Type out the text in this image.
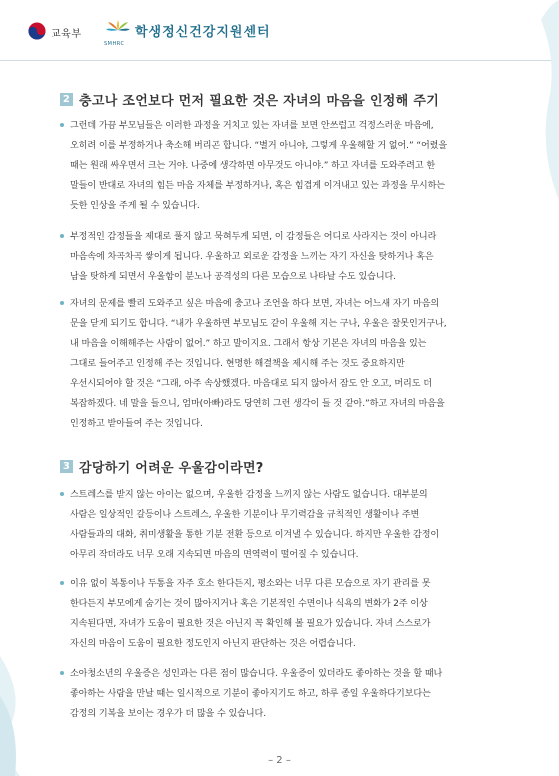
교육부	학생정신건강지원센터
SMHRC
2 충고나 조언보다 먼저 필요한 것은 자녀의 마음을 인정해 주기
그런데 가끔 부모님들은 이러한 과정을 거치고 있는 자녀를 보면 안쓰럽고 걱정스러운 마음에,
오히려 이를 부정하거나 축소해 버리곤 합니다. “별거 아니야, 그렇게 우울해할 거 없어.” “어렸을
때는 원래 싸우면서 크는 거야. 나중에 생각하면 아무것도 아니야.” 하고 자녀를 도와주려고 한
말들이 반대로 자녀의 힘든 마음 자체를 부정하거나, 혹은 힘겹게 이겨내고 있는 과정을 무시하는
듯한 인상을 주게 될 수 있습니다.
부정적인 감정들을 제대로 풀지 않고 묵혀두게 되면, 이 감정들은 어디로 사라지는 것이 아니라
마음속에 차곡차곡 쌓이게 됩니다. 우울하고 외로운 감정을 느끼는 자기 자신을 탓하거나 혹은
남을 탓하게 되면서 우울함이 분노나 공격성의 다른 모습으로 나타날 수도 있습니다.
자녀의 문제를 빨리 도와주고 싶은 마음에 충고나 조언을 하다 보면, 자녀는 어느새 자기 마음의
문을 닫게 되기도 합니다. “내가 우울하면 부모님도 같이 우울해 지는 구나, 우울은 잘못인거구나,
내 마음을 이해해주는 사람이 없어.” 하고 말이지요. 그래서 항상 기본은 자녀의 마음을 있는
그대로 들어주고 인정해 주는 것입니다. 현명한 해결책을 제시해 주는 것도 중요하지만
우선시되어야 할 것은 “그래, 아주 속상했겠다. 마음대로 되지 않아서 잠도 안 오고, 머리도 더
복잡하겠다. 네 말을 들으니, 엄마(아빠)라도 당연히 그런 생각이 들 것 같아.”하고 자녀의 마음을
인정하고 받아들여 주는 것입니다.
3 감당하기 어려운 우울감이라면?
스트레스를 받지 않는 아이는 없으며, 우울한 감정을 느끼지 않는 사람도 없습니다. 대부분의
사람은 일상적인 갈등이나 스트레스, 우울한 기분이나 무기력감을 규칙적인 생활이나 주변
사람들과의 대화, 취미생활을 통한 기분 전환 등으로 이겨낼 수 있습니다. 하지만 우울한 감정이
아무리 작더라도 너무 오래 지속되면 마음의 면역력이 떨어질 수 있습니다.
이유 없이 복통이나 두통을 자주 호소 한다든지, 평소와는 너무 다른 모습으로 자기 관리를 못
한다든지 부모에게 숨기는 것이 많아지거나 혹은 기본적인 수면이나 식욕의 변화가 2주 이상
지속된다면, 자녀가 도움이 필요한 것은 아닌지 꼭 확인해 볼 필요가 있습니다. 자녀 스스로가
자신의 마음이 도움이 필요한 정도인지 아닌지 판단하는 것은 어렵습니다.
소아청소년의 우울증은 성인과는 다른 점이 많습니다. 우울증이 있더라도 좋아하는 것을 할 때나
좋아하는 사람을 만날 때는 일시적으로 기분이 좋아지기도 하고, 하루 종일 우울하다기보다는
감정의 기복을 보이는 경우가 더 많을 수 있습니다.
– 2 –
